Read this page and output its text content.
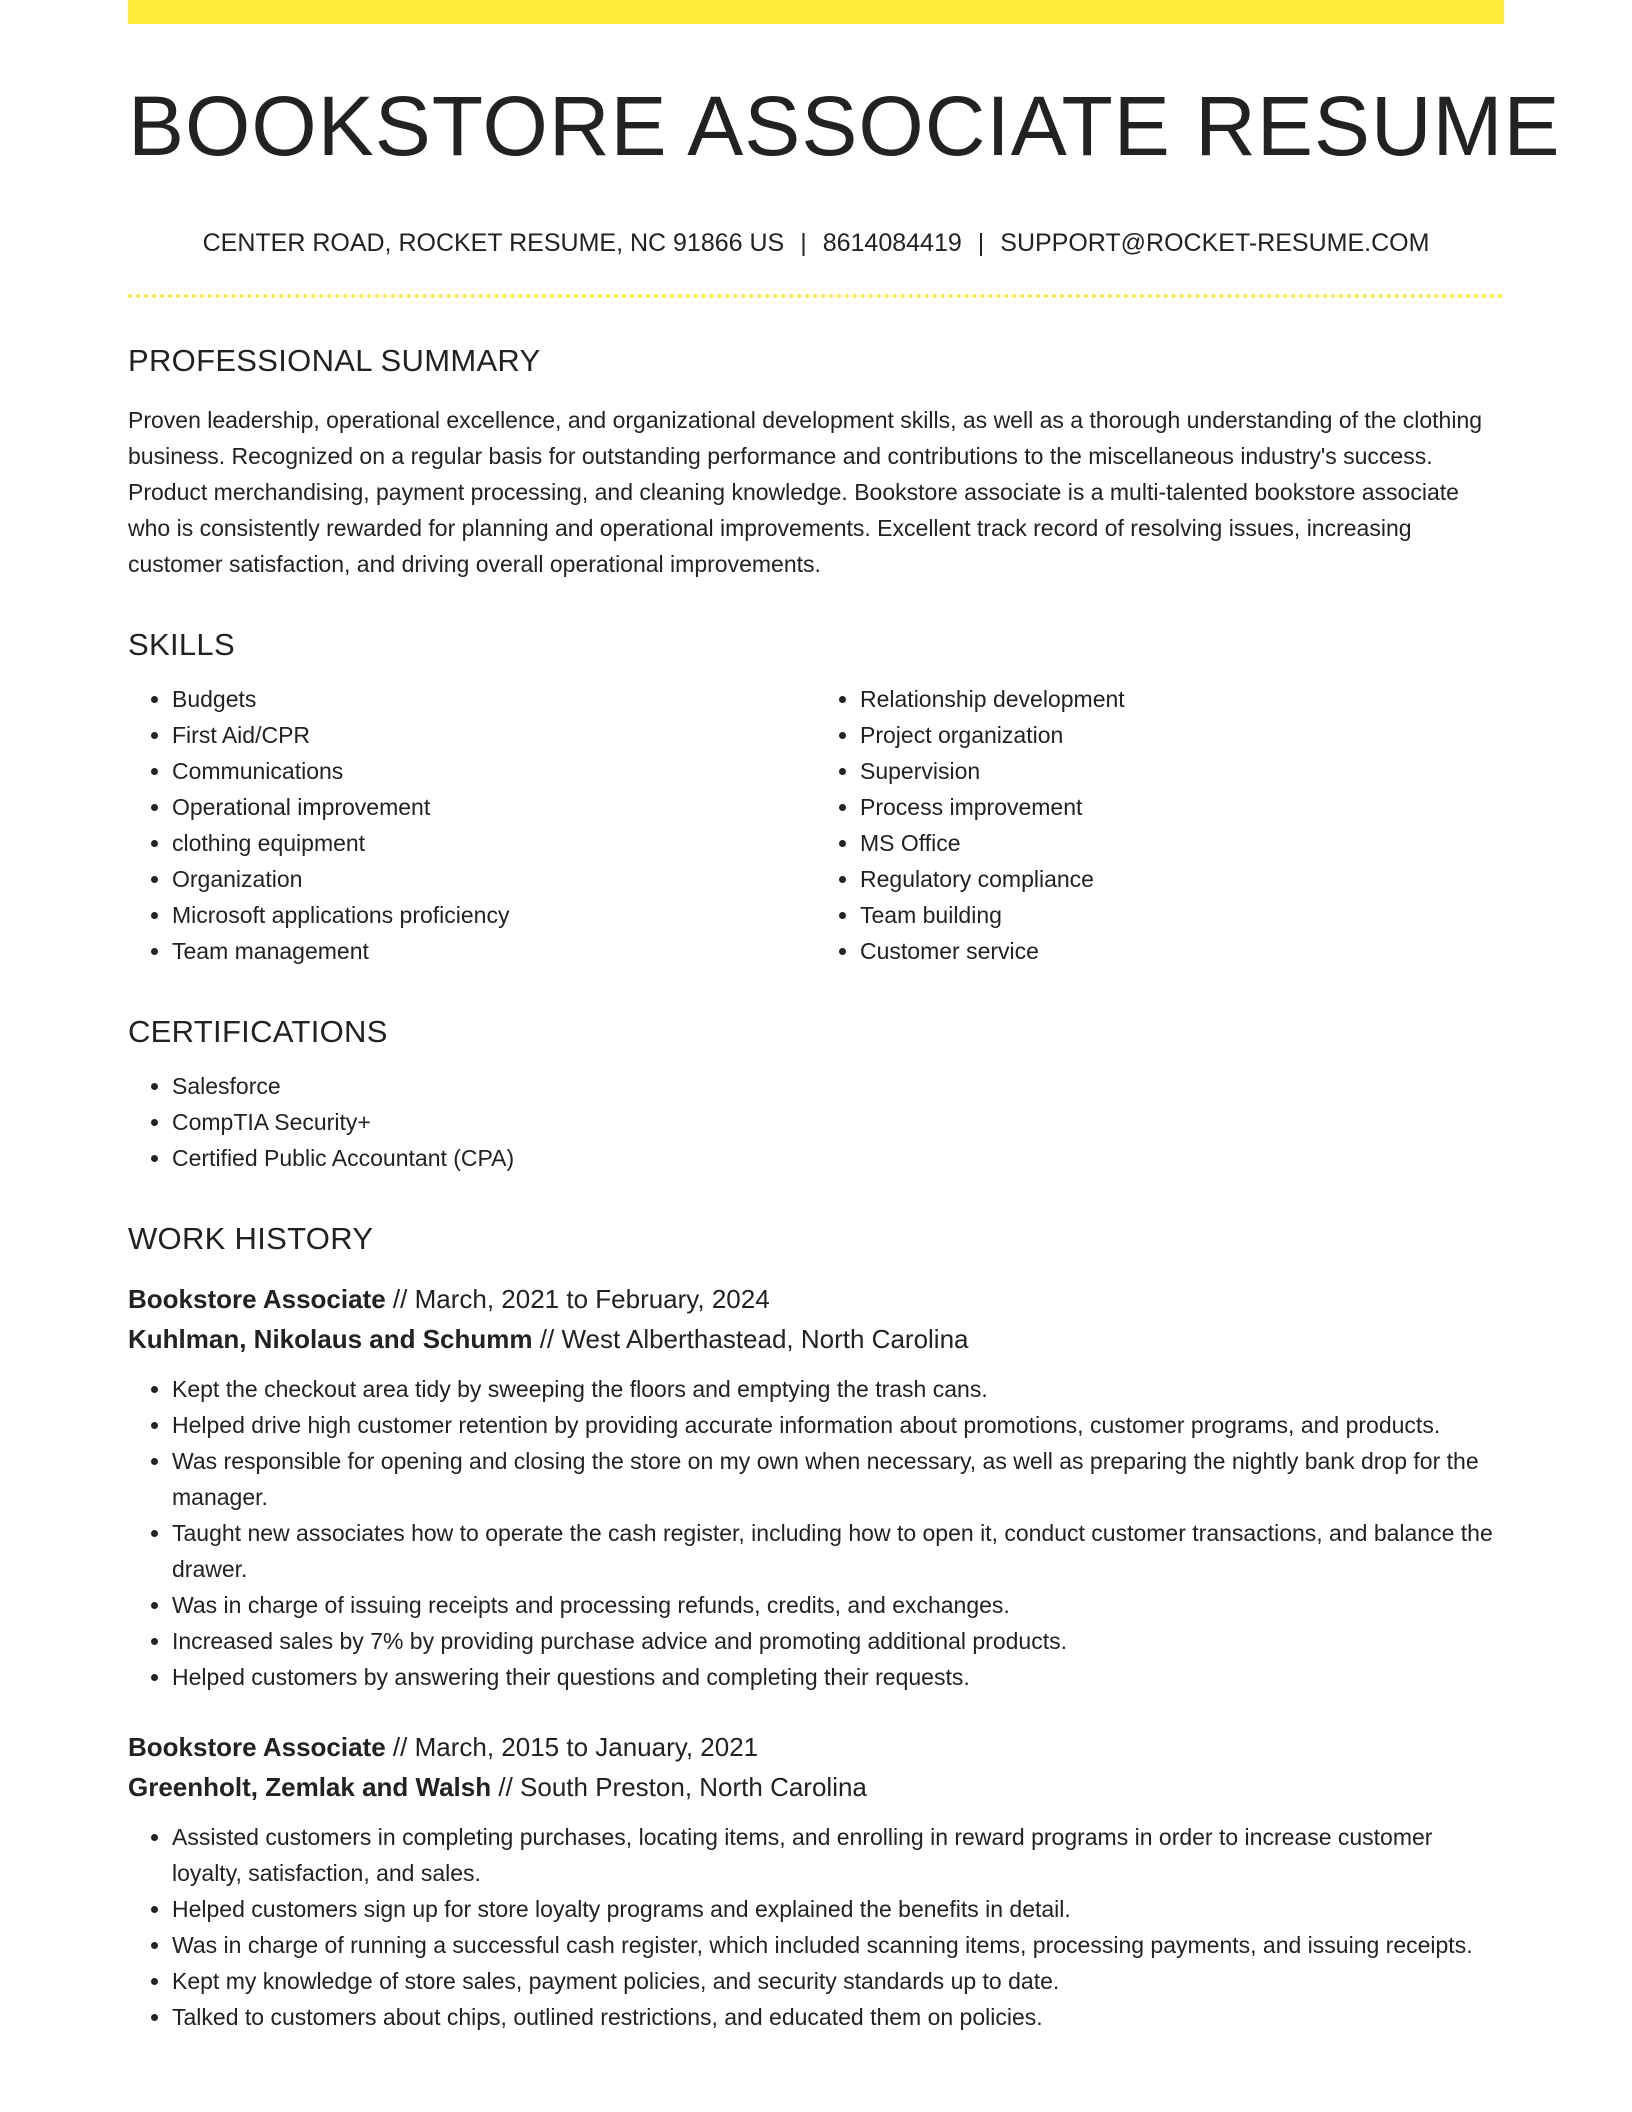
BOOKSTORE ASSOCIATE RESUME
CENTER ROAD, ROCKET RESUME, NC 91866 US | 8614084419 | SUPPORT@ROCKET-RESUME.COM
PROFESSIONAL SUMMARY

Proven leadership, operational excellence, and organizational development skills, as well as a thorough understanding of the clothing business. Recognized on a regular basis for outstanding performance and contributions to the miscellaneous industry's success. Product merchandising, payment processing, and cleaning knowledge. Bookstore associate is a multi-talented bookstore associate who is consistently rewarded for planning and operational improvements. Excellent track record of resolving issues, increasing customer satisfaction, and driving overall operational improvements.

SKILLS
• Budgets
• First Aid/CPR
• Communications
• Operational improvement
• clothing equipment
• Organization
• Microsoft applications proficiency
• Team management
• Relationship development
• Project organization
• Supervision
• Process improvement
• MS Office
• Regulatory compliance
• Team building
• Customer service
CERTIFICATIONS
• Salesforce
• CompTIA Security+
• Certified Public Accountant (CPA)
WORK HISTORY
Bookstore Associate // March, 2021 to February, 2024
Kuhlman, Nikolaus and Schumm // West Alberthastead, North Carolina
• Kept the checkout area tidy by sweeping the floors and emptying the trash cans.
• Helped drive high customer retention by providing accurate information about promotions, customer programs, and products.
• Was responsible for opening and closing the store on my own when necessary, as well as preparing the nightly bank drop for the manager.
• Taught new associates how to operate the cash register, including how to open it, conduct customer transactions, and balance the drawer.
• Was in charge of issuing receipts and processing refunds, credits, and exchanges.
• Increased sales by 7% by providing purchase advice and promoting additional products.
• Helped customers by answering their questions and completing their requests.
Bookstore Associate // March, 2015 to January, 2021
Greenholt, Zemlak and Walsh // South Preston, North Carolina
• Assisted customers in completing purchases, locating items, and enrolling in reward programs in order to increase customer loyalty, satisfaction, and sales.
• Helped customers sign up for store loyalty programs and explained the benefits in detail.
• Was in charge of running a successful cash register, which included scanning items, processing payments, and issuing receipts.
• Kept my knowledge of store sales, payment policies, and security standards up to date.
• Talked to customers about chips, outlined restrictions, and educated them on policies.
